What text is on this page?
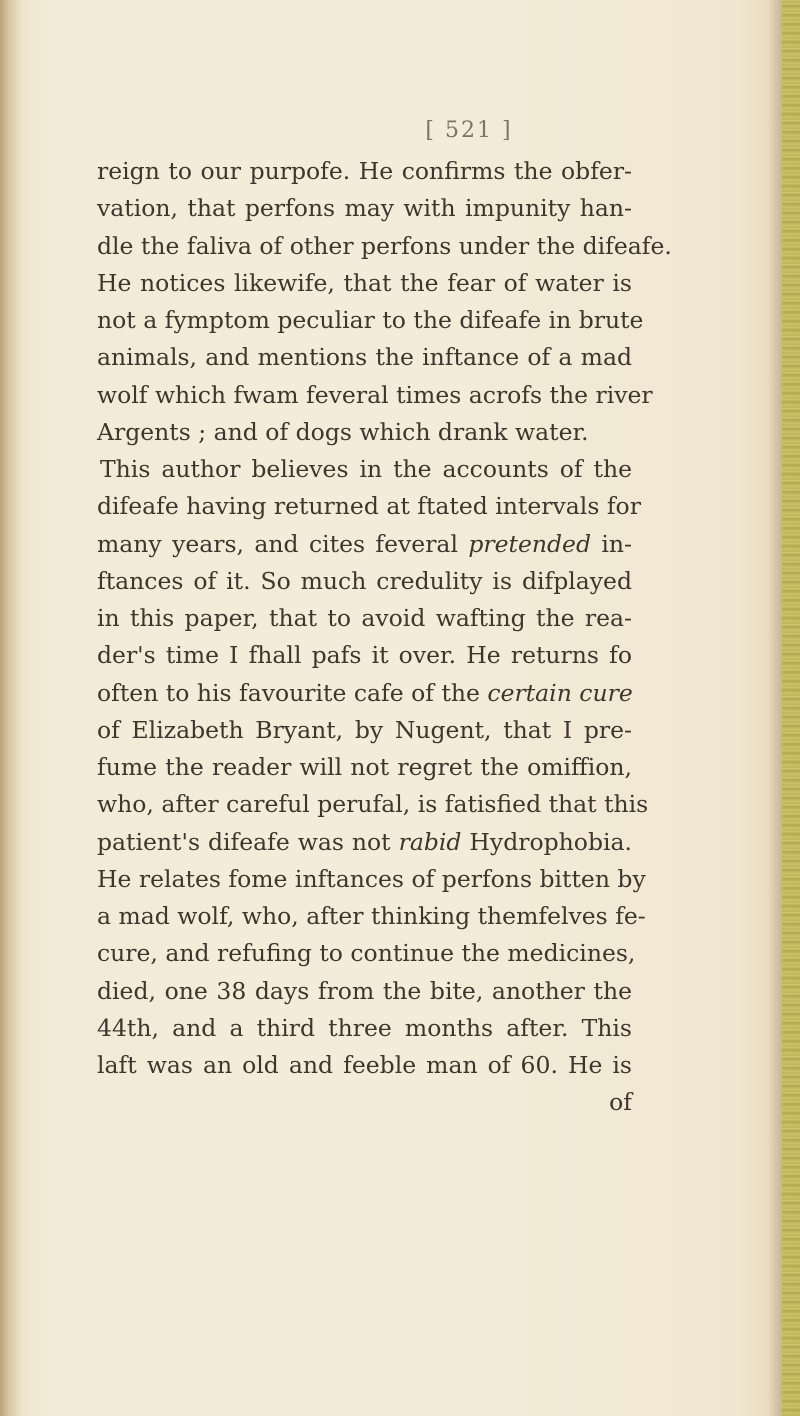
[ 521 ]
reign to our purpofe. He confirms the obfer-
vation, that perfons may with impunity han-
dle the faliva of other perfons under the difeafe.
He notices likewife, that the fear of water is
not a fymptom peculiar to the difeafe in brute
animals, and mentions the inftance of a mad
wolf which fwam feveral times acrofs the river
Argents ; and of dogs which drank water.
This author believes in the accounts of the
difeafe having returned at ftated intervals for
many years, and cites feveral pretended in-
ftances of it. So much credulity is difplayed
in this paper, that to avoid wafting the rea-
der's time I fhall pafs it over. He returns fo
often to his favourite cafe of the certain cure
of Elizabeth Bryant, by Nugent, that I pre-
fume the reader will not regret the omiffion,
who, after careful perufal, is fatisfied that this
patient's difeafe was not rabid Hydrophobia.
He relates fome inftances of perfons bitten by
a mad wolf, who, after thinking themfelves fe-
cure, and refufing to continue the medicines,
died, one 38 days from the bite, another the
44th, and a third three months after. This
laft was an old and feeble man of 60. He is
of
